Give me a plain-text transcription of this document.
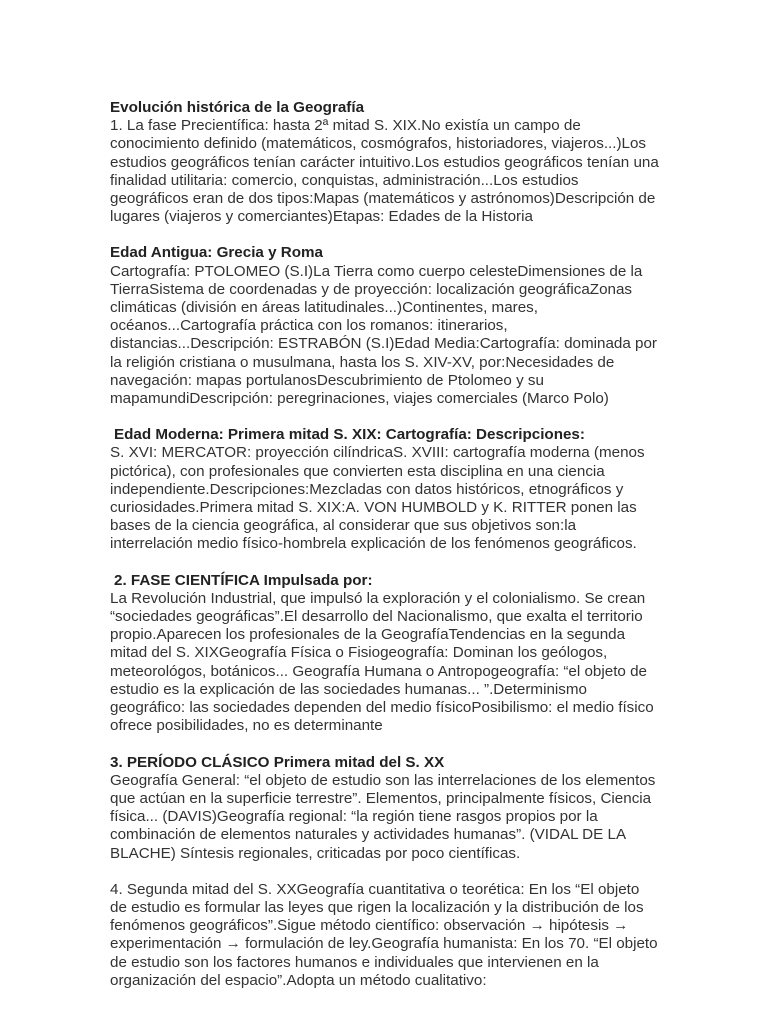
Evolución histórica de la Geografía
1. La fase Precientífica: hasta 2ª mitad S. XIX.No existía un campo de conocimiento definido (matemáticos, cosmógrafos, historiadores, viajeros...)Los estudios geográficos tenían carácter intuitivo.Los estudios geográficos tenían una finalidad utilitaria: comercio, conquistas, administración...Los estudios geográficos eran de dos tipos:Mapas (matemáticos y astrónomos)Descripción de lugares (viajeros y comerciantes)Etapas: Edades de la Historia
Edad Antigua: Grecia y Roma
Cartografía: PTOLOMEO (S.I)La Tierra como cuerpo celesteDimensiones de la TierraSistema de coordenadas y de proyección: localización geográficaZonas climáticas (división en áreas latitudinales...)Continentes, mares, océanos...Cartografía práctica con los romanos: itinerarios, distancias...Descripción: ESTRABÓN (S.I)Edad Media:Cartografía: dominada por la religión cristiana o musulmana, hasta los S. XIV-XV, por:Necesidades de navegación: mapas portulanosDescubrimiento de Ptolomeo y su mapamundiDescripción: peregrinaciones, viajes comerciales (Marco Polo)
Edad Moderna: Primera mitad S. XIX: Cartografía: Descripciones:
S. XVI: MERCATOR: proyección cilíndricaS. XVIII: cartografía moderna (menos pictórica), con profesionales que convierten esta disciplina en una ciencia independiente.Descripciones:Mezcladas con datos históricos, etnográficos y curiosidades.Primera mitad S. XIX:A. VON HUMBOLD y K. RITTER ponen las bases de la ciencia geográfica, al considerar que sus objetivos son:la interrelación medio físico-hombrela explicación de los fenómenos geográficos.
2. FASE CIENTÍFICA Impulsada por:
La Revolución Industrial, que impulsó la exploración y el colonialismo. Se crean “sociedades geográficas”.El desarrollo del Nacionalismo, que exalta el territorio propio.Aparecen los profesionales de la GeografíaTendencias en la segunda mitad del S. XIXGeografía Física o Fisiogeografía: Dominan los geólogos, meteorológos, botánicos... Geografía Humana o Antropogeografía: “el objeto de estudio es la explicación de las sociedades humanas... ”.Determinismo geográfico: las sociedades dependen del medio físicoPosibilismo: el medio físico ofrece posibilidades, no es determinante
3. PERÍODO CLÁSICO Primera mitad del S. XX
Geografía General: “el objeto de estudio son las interrelaciones de los elementos que actúan en la superficie terrestre”. Elementos, principalmente físicos, Ciencia física... (DAVIS)Geografía regional: “la región tiene rasgos propios por la combinación de elementos naturales y actividades humanas”. (VIDAL DE LA BLACHE) Síntesis regionales, criticadas por poco científicas.
4. Segunda mitad del S. XXGeografía cuantitativa o teorética: En los “El objeto de estudio es formular las leyes que rigen la localización y la distribución de los fenómenos geográficos”.Sigue método científico: observación → hipótesis → experimentación → formulación de ley.Geografía humanista: En los 70. “El objeto de estudio son los factores humanos e individuales que intervienen en la organización del espacio”.Adopta un método cualitativo:
